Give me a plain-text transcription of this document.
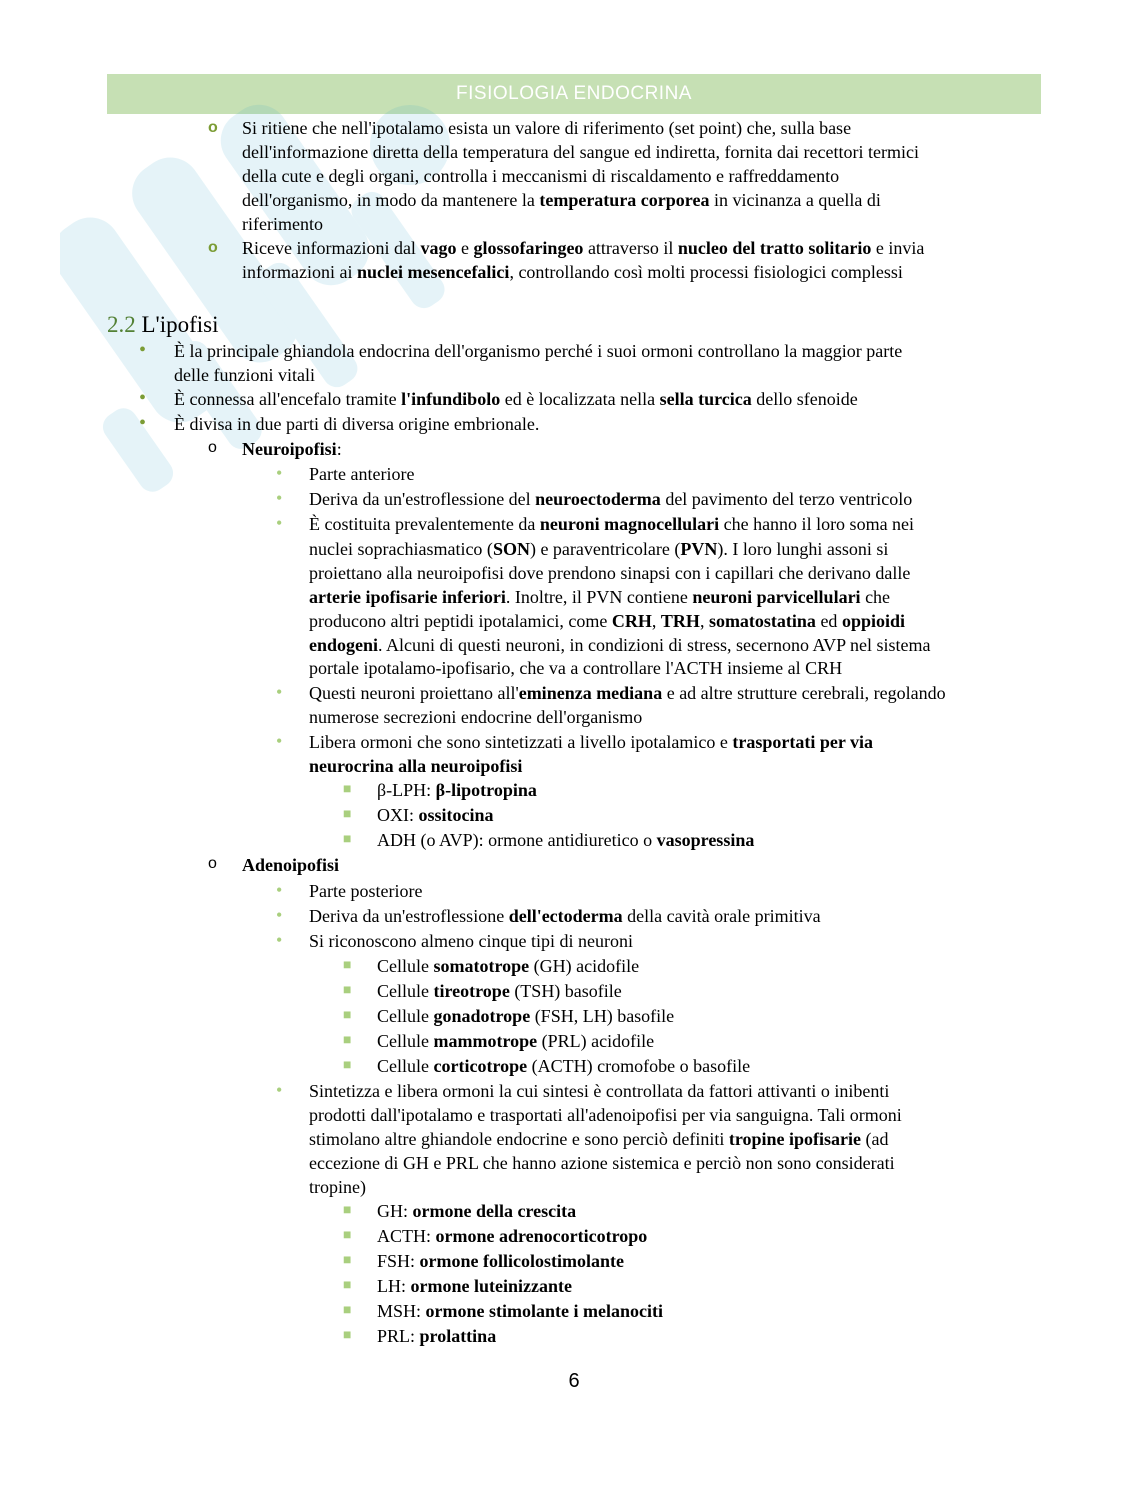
FISIOLOGIA ENDOCRINA
o Si ritiene che nell'ipotalamo esista un valore di riferimento (set point) che, sulla base
dell'informazione diretta della temperatura del sangue ed indiretta, fornita dai recettori termici
della cute e degli organi, controlla i meccanismi di riscaldamento e raffreddamento
dell'organismo, in modo da mantenere la temperatura corporea in vicinanza a quella di
riferimento
o Riceve informazioni dal vago e glossofaringeo attraverso il nucleo del tratto solitario e invia
informazioni ai nuclei mesencefalici, controllando così molti processi fisiologici complessi
2.2 L'ipofisi
• È la principale ghiandola endocrina dell'organismo perché i suoi ormoni controllano la maggior parte
delle funzioni vitali
• È connessa all'encefalo tramite l'infundibolo ed è localizzata nella sella turcica dello sfenoide
• È divisa in due parti di diversa origine embrionale.
o Neuroipofisi:
• Parte anteriore
• Deriva da un'estroflessione del neuroectoderma del pavimento del terzo ventricolo
• È costituita prevalentemente da neuroni magnocellulari che hanno il loro soma nei
nuclei soprachiasmatico (SON) e paraventricolare (PVN). I loro lunghi assoni si
proiettano alla neuroipofisi dove prendono sinapsi con i capillari che derivano dalle
arterie ipofisarie inferiori. Inoltre, il PVN contiene neuroni parvicellulari che
producono altri peptidi ipotalamici, come CRH, TRH, somatostatina ed oppioidi
endogeni. Alcuni di questi neuroni, in condizioni di stress, secernono AVP nel sistema
portale ipotalamo-ipofisario, che va a controllare l'ACTH insieme al CRH
• Questi neuroni proiettano all'eminenza mediana e ad altre strutture cerebrali, regolando
numerose secrezioni endocrine dell'organismo
• Libera ormoni che sono sintetizzati a livello ipotalamico e trasportati per via
neurocrina alla neuroipofisi
■ β-LPH: β-lipotropina
■ OXI: ossitocina
■ ADH (o AVP): ormone antidiuretico o vasopressina
o Adenoipofisi
• Parte posteriore
• Deriva da un'estroflessione dell'ectoderma della cavità orale primitiva
• Si riconoscono almeno cinque tipi di neuroni
■ Cellule somatotrope (GH) acidofile
■ Cellule tireotrope (TSH) basofile
■ Cellule gonadotrope (FSH, LH) basofile
■ Cellule mammotrope (PRL) acidofile
■ Cellule corticotrope (ACTH) cromofobe o basofile
• Sintetizza e libera ormoni la cui sintesi è controllata da fattori attivanti o inibenti
prodotti dall'ipotalamo e trasportati all'adenoipofisi per via sanguigna. Tali ormoni
stimolano altre ghiandole endocrine e sono perciò definiti tropine ipofisarie (ad
eccezione di GH e PRL che hanno azione sistemica e perciò non sono considerati
tropine)
■ GH: ormone della crescita
■ ACTH: ormone adrenocorticotropo
■ FSH: ormone follicolostimolante
■ LH: ormone luteinizzante
■ MSH: ormone stimolante i melanociti
■ PRL: prolattina
6
